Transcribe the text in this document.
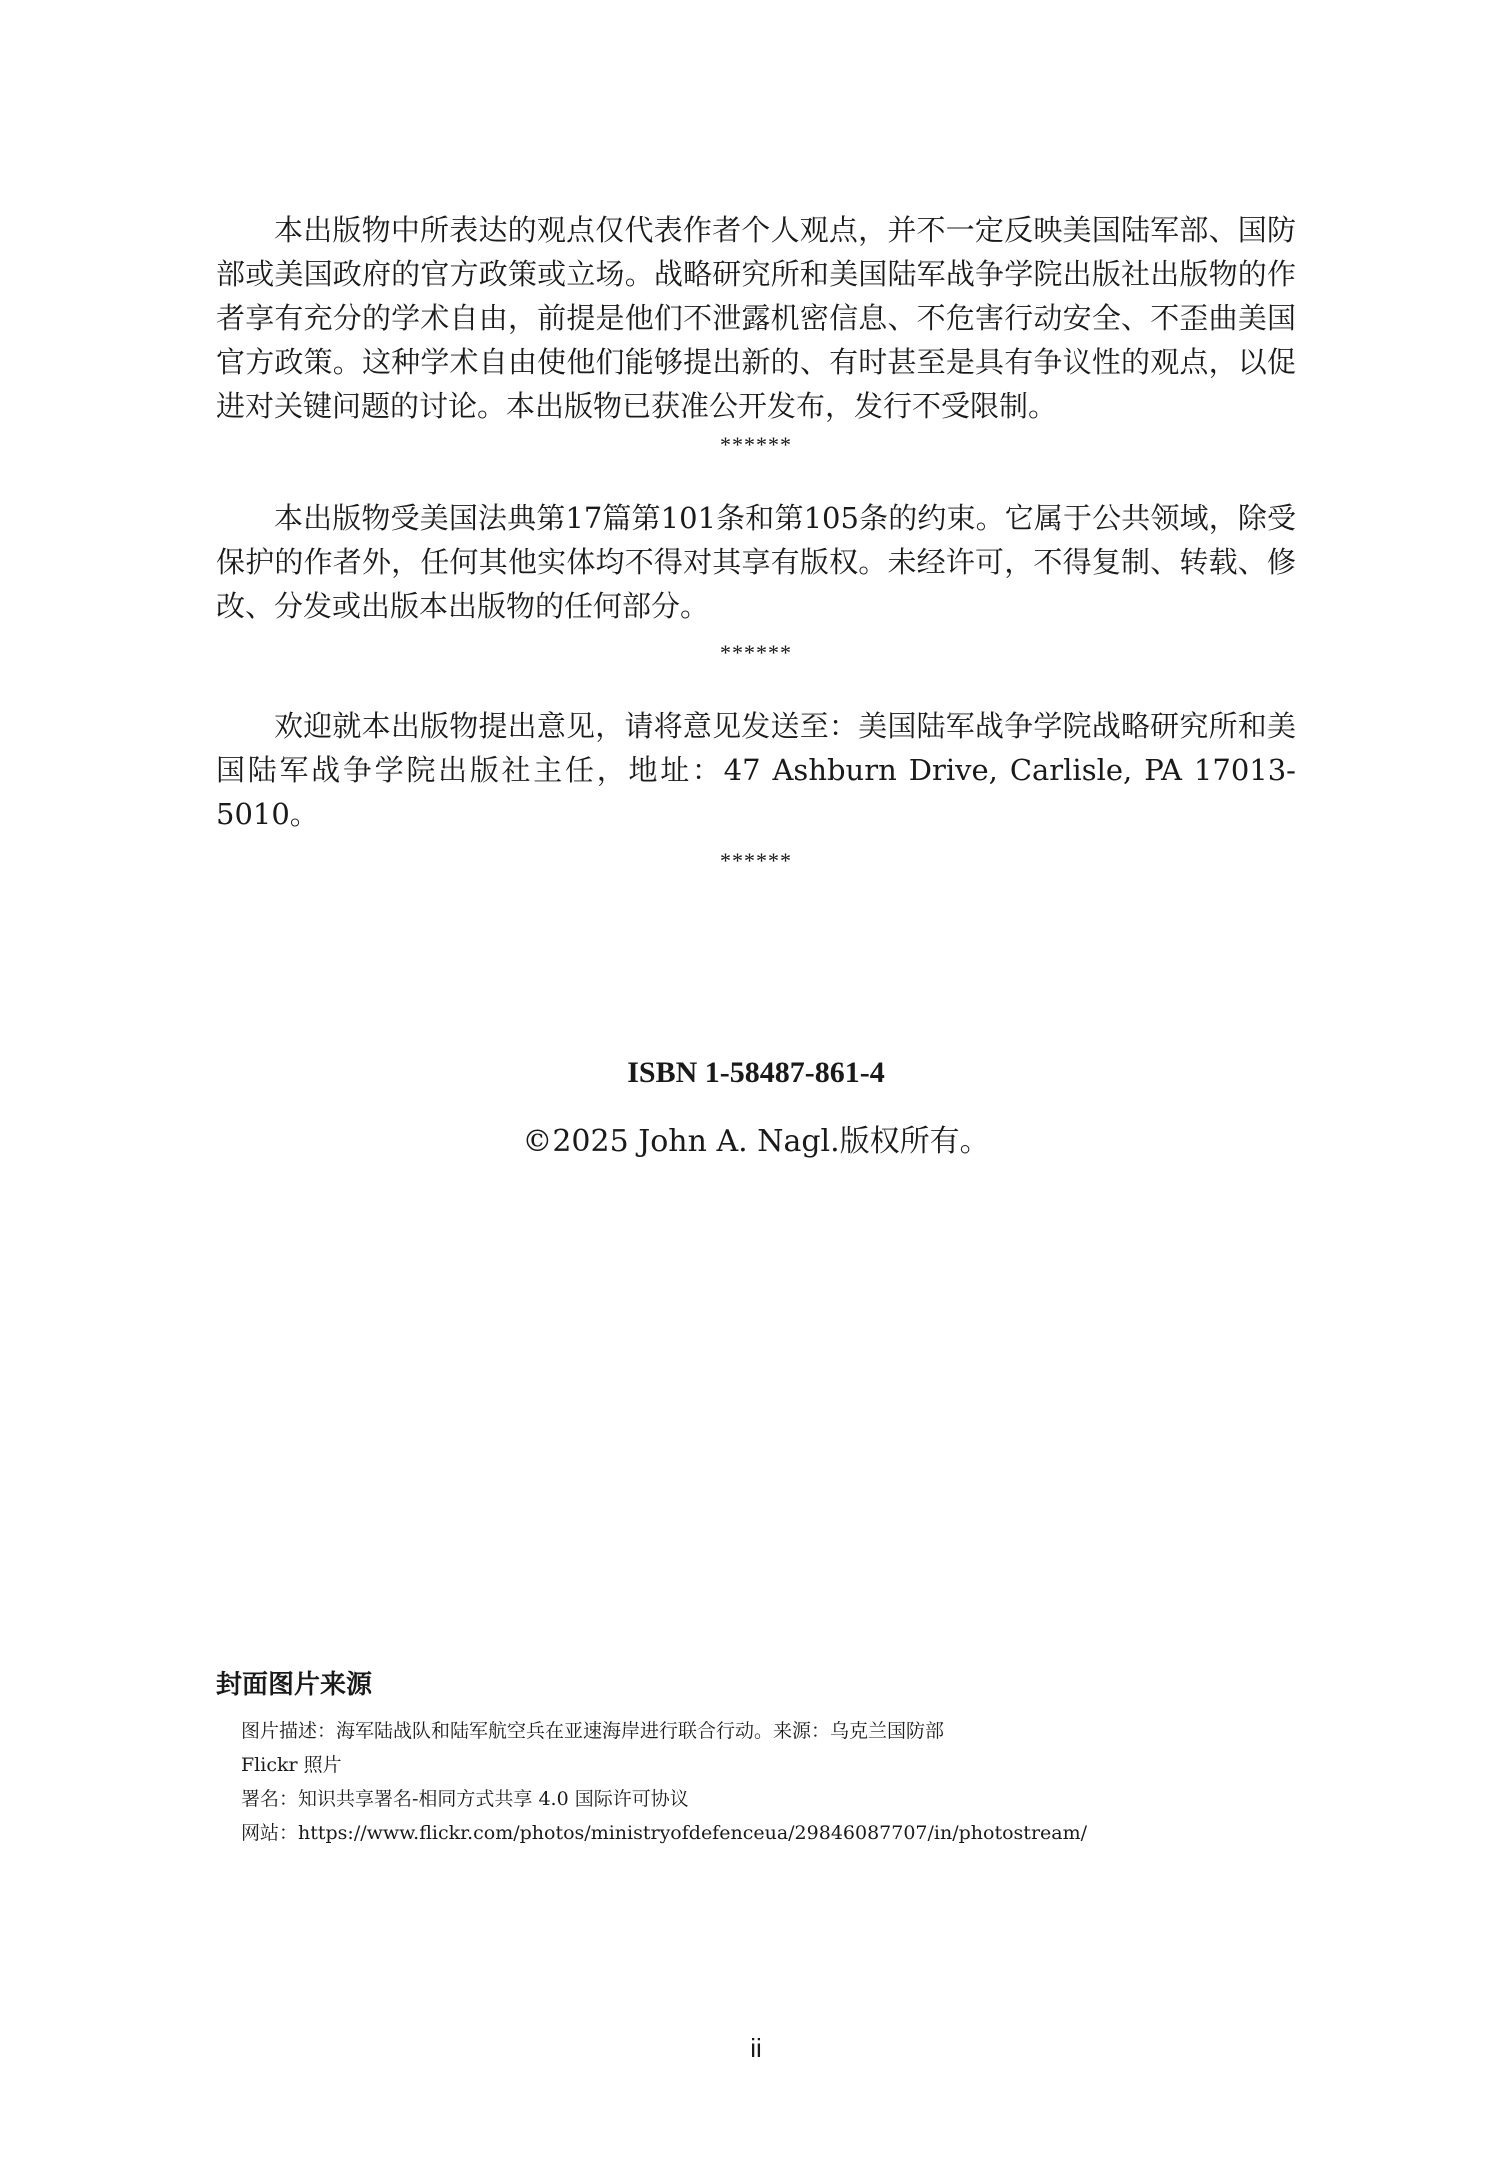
本出版物中所表达的观点仅代表作者个人观点，并不一定反映美国陆军部、国防部或美国政府的官方政策或立场。战略研究所和美国陆军战争学院出版社出版物的作者享有充分的学术自由，前提是他们不泄露机密信息、不危害行动安全、不歪曲美国官方政策。这种学术自由使他们能够提出新的、有时甚至是具有争议性的观点，以促进对关键问题的讨论。本出版物已获准公开发布，发行不受限制。

******

本出版物受美国法典第17篇第101条和第105条的约束。它属于公共领域，除受保护的作者外，任何其他实体均不得对其享有版权。未经许可，不得复制、转载、修改、分发或出版本出版物的任何部分。

******

欢迎就本出版物提出意见，请将意见发送至：美国陆军战争学院战略研究所和美国陆军战争学院出版社主任，地址：47 Ashburn Drive, Carlisle, PA 17013-5010。

******
ISBN 1-58487-861-4
©2025 John A. Nagl.版权所有。
封面图片来源
图片描述：海军陆战队和陆军航空兵在亚速海岸进行联合行动。来源：乌克兰国防部
Flickr 照片
署名：知识共享署名-相同方式共享 4.0 国际许可协议
网站：https://www.flickr.com/photos/ministryofdefenceua/29846087707/in/photostream/
ii
